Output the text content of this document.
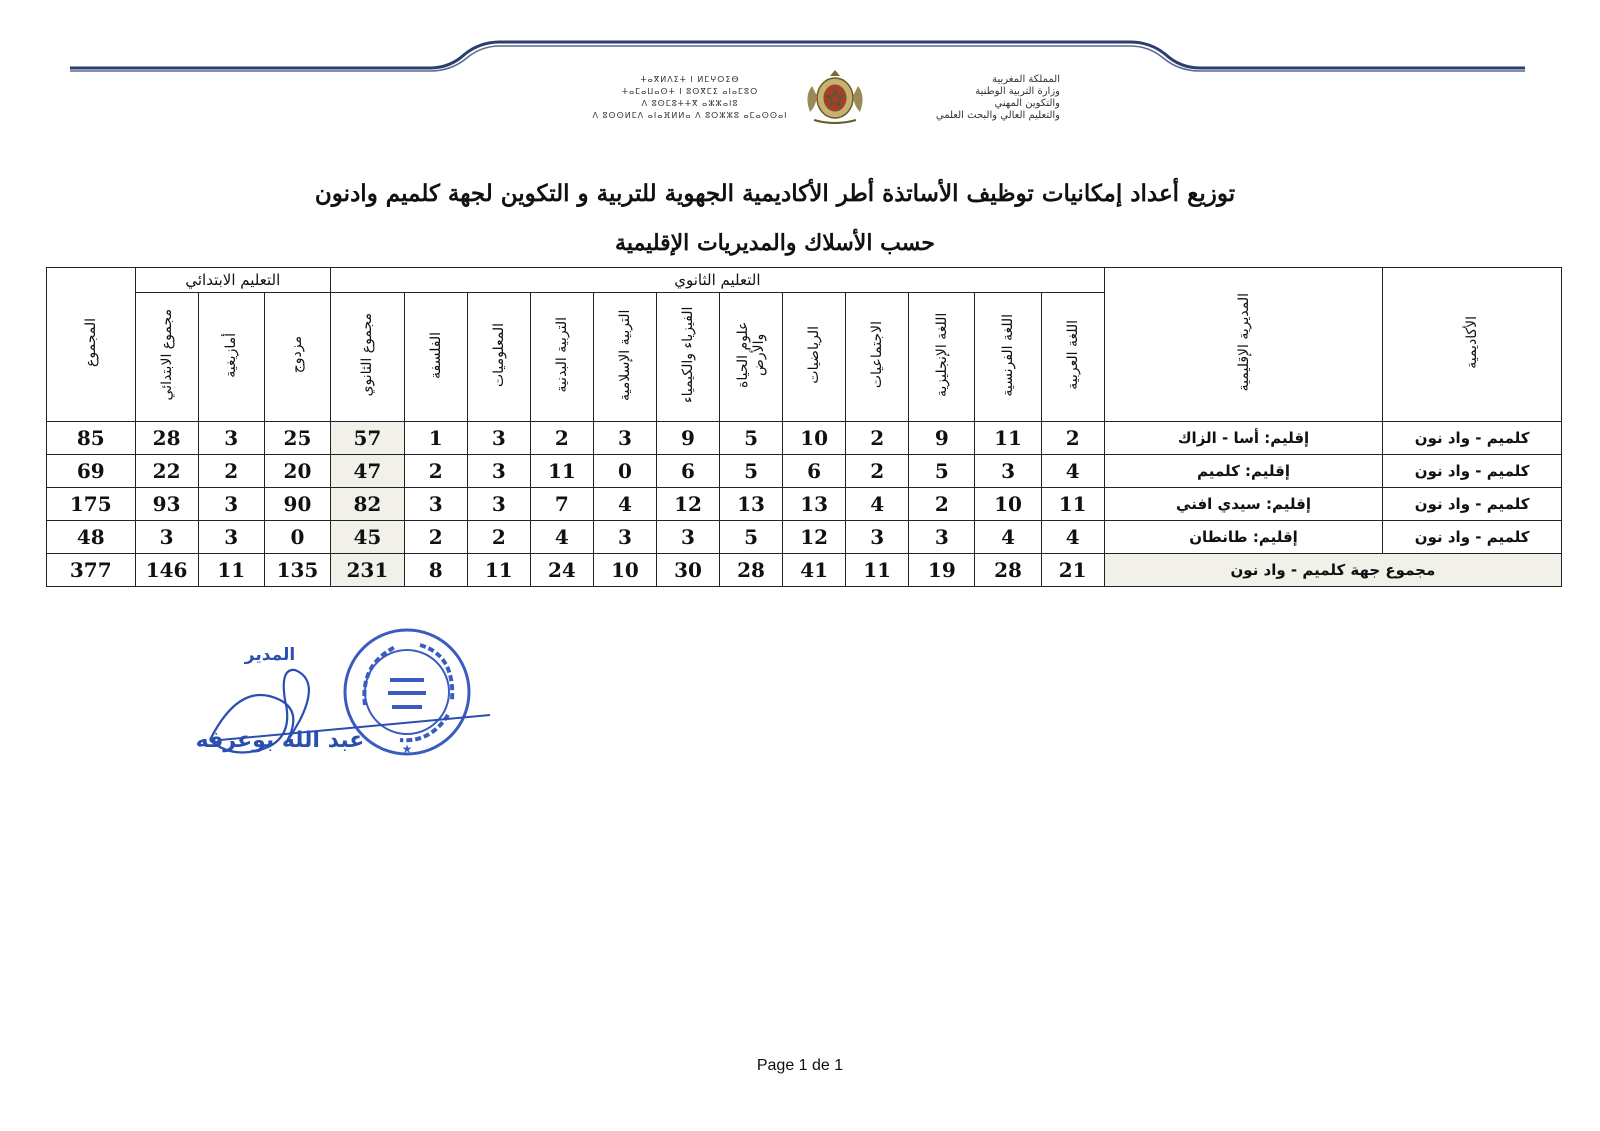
المملكة المغربية
وزارة التربية الوطنية
والتكوين المهني
والتعليم العالي والبحث العلمي
ⵜⴰⴳⵍⴷⵉⵜ ⵏ ⵍⵎⵖⵔⵉⴱ
ⵜⴰⵎⴰⵡⴰⵙⵜ ⵏ ⵓⵙⴳⵎⵉ ⴰⵏⴰⵎⵓⵔ
ⴷ ⵓⵙⵎⵓⵜⵜⴳ ⴰⵣⵣⴰⵏⵓ
ⴷ ⵓⵙⵙⵍⵎⴷ ⴰⵏⴰⴼⵍⵍⴰ ⴷ ⵓⵔⵣⵣⵓ ⴰⵎⴰⵙⵙⴰⵏ
توزيع أعداد إمكانيات توظيف الأساتذة أطر الأكاديمية الجهوية للتربية و التكوين لجهة كلميم وادنون
حسب الأسلاك والمديريات الإقليمية
الأكاديمية	المديرية الإقليمية	التعليم الثانوي												التعليم الابتدائي			المجموع
		اللغة العربية	اللغة الفرنسية	اللغة الإنجليزية	الاجتماعيات	الرياضيات	علوم الحياة والأرض	الفيزياء والكيمياء	التربية الإسلامية	التربية البدنية	المعلوميات	الفلسفة	مجموع الثانوي	مزدوج	أمازيغية	مجموع الابتدائي	
كلميم - واد نون	إقليم: أسا - الزاك	2	11	9	2	10	5	9	3	2	3	1	57	25	3	28	85
كلميم - واد نون	إقليم: كلميم	4	3	5	2	6	5	6	0	11	3	2	47	20	2	22	69
كلميم - واد نون	إقليم: سيدي افني	11	10	2	4	13	13	12	4	7	3	3	82	90	3	93	175
كلميم - واد نون	إقليم: طانطان	4	4	3	3	12	5	3	3	4	2	2	45	0	3	3	48
مجموع جهة كلميم - واد نون		21	28	19	11	41	28	30	10	24	11	8	231	135	11	146	377
★
المدير
عبد الله بوعرفه
Page 1 de 1
